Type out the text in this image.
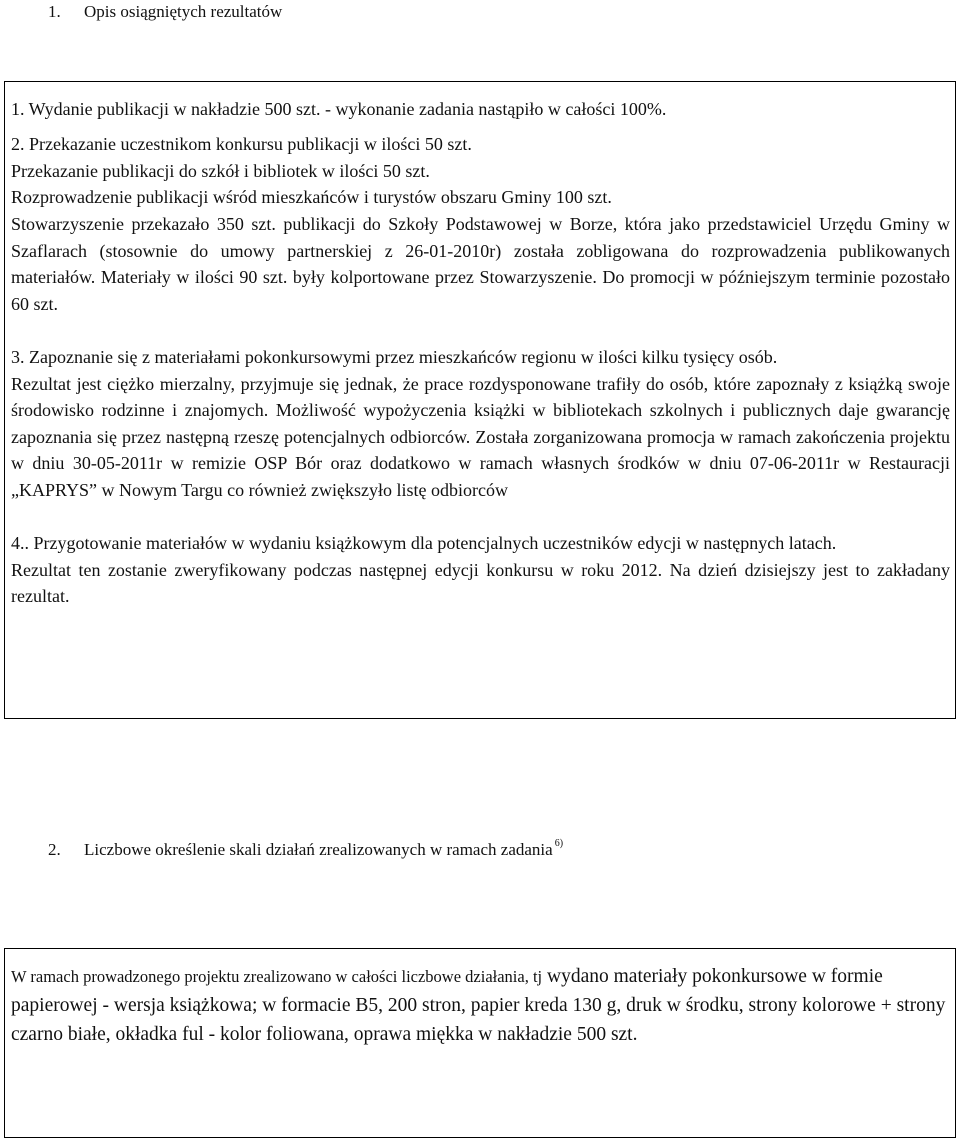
1. Opis osiągniętych rezultatów

1. Wydanie publikacji w nakładzie 500 szt. - wykonanie zadania nastąpiło w całości 100%.

2. Przekazanie uczestnikom konkursu publikacji w ilości 50 szt.

Przekazanie publikacji do szkół i bibliotek w ilości 50 szt.

Rozprowadzenie publikacji wśród mieszkańców i turystów obszaru Gminy 100 szt.

Stowarzyszenie przekazało 350 szt. publikacji do Szkoły Podstawowej w Borze, która jako przedstawiciel Urzędu Gminy w Szaflarach (stosownie do umowy partnerskiej z 26-01-2010r) została zobligowana do rozprowadzenia publikowanych materiałów. Materiały w ilości 90 szt. były kolportowane przez Stowarzyszenie. Do promocji w późniejszym terminie pozostało 60 szt.

3. Zapoznanie się z materiałami pokonkursowymi przez mieszkańców regionu w ilości kilku tysięcy osób.

Rezultat jest ciężko mierzalny, przyjmuje się jednak, że prace rozdysponowane trafiły do osób, które zapoznały z książką swoje środowisko rodzinne i znajomych. Możliwość wypożyczenia książki w bibliotekach szkolnych i publicznych daje gwarancję zapoznania się przez następną rzeszę potencjalnych odbiorców. Została zorganizowana promocja w ramach zakończenia projektu w dniu 30-05-2011r w remizie OSP Bór oraz dodatkowo w ramach własnych środków w dniu 07-06-2011r w Restauracji „KAPRYS” w Nowym Targu co również zwiększyło listę odbiorców

4.. Przygotowanie materiałów w wydaniu książkowym dla potencjalnych uczestników edycji w następnych latach.

Rezultat ten zostanie zweryfikowany podczas następnej edycji konkursu w roku 2012. Na dzień dzisiejszy jest to zakładany rezultat.

2. Liczbowe określenie skali działań zrealizowanych w ramach zadania $^{6)}$

W ramach prowadzonego projektu zrealizowano w całości liczbowe działania, tj wydano materiały pokonkursowe w formie papierowej - wersja książkowa; w formacie B5, 200 stron, papier kreda 130 g, druk w środku, strony kolorowe + strony czarno białe, okładka ful - kolor foliowana, oprawa miękka w nakładzie 500 szt.
